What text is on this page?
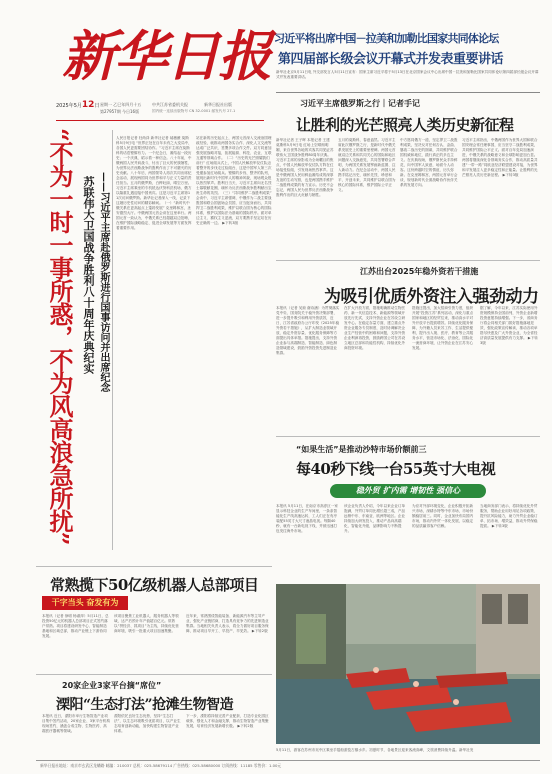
新华日报
2025年5月12日 星期一 乙巳年四月十五
第27957期 今日16版
中共江苏省委机关报	新华日报社出版
国内统一连续出版物号 CN 32-0001 邮发代号 27-1
习近平将出席中国－拉美和加勒比国家共同体论坛
第四届部长级会议开幕式并发表重要讲话
新华社北京5月11日电 外交部发言人5月11日宣布：国家主席习近平将于5月13日在北京国家会议中心出席中国－拉美和加勒比国家共同体论坛第四届部长级会议开幕式并发表重要讲话。
习近平主席俄罗斯之行｜记者手记
让胜利的光芒照亮人类历史新征程
新华社记者 王子晖 本报记者 王建 莫斯科5月9日电 红场上空晴朗明媚，来自世界各地的宾客共同见证苏联伟大卫国战争胜利80周年庆典。习近平主席的身影成为全场瞩目的焦点，中国人民解放军仪仗队方阵在红场接受检阅，引发现场热烈掌声。这是中俄两国人民用鲜血凝结成的深厚友谊的生动写照，也是两国携手维护二战胜利成果的有力宣示。历史不会忘记，两国人民为世界反法西斯战争胜利作出的巨大贡献与牺牲。
五月的莫斯科，春意盎然。习近平主席此次俄罗斯之行，是新时代中俄关系发展史上的重要里程碑。两国元首就双边关系和共同关心的国际和地区问题深入交换意见，共同签署联合声明，为两国关系发展擘画新蓝图、注入新动力。在纪念活动中，两国人民携手铭记历史，缅怀先烈，珍爱和平，开创未来，共同维护以联合国为核心的国际体系，维护国际公平正义。
中方愿同俄方一道，坚定捍卫二战胜利成果，坚决反对任何否认、歪曲、篡改二战历史的图谋，共同维护联合国权威和地位，践行真正的多边主义。在庆典现场，俄罗斯民众手持鲜花，向中国军人致意，场面令人动容。这份跨越时空的情谊，历久弥新。在克里姆林宫，两国元首举行会谈，规划新时代全面战略协作伙伴关系的发展方向。
习近平主席指出，中俄两国作为世界大国和联合国安理会常任理事国，应当坚守二战胜利成果，共同维护国际公平正义。面对百年变局加速演进，中俄关系的战略意义和全球影响更加凸显。两国将继续深化各领域务实合作，推动高质量共建“一带一路”同欧亚经济联盟建设对接，为世界和平发展注入更多稳定性和正能量。让胜利的光芒照亮人类历史新征程。 ▶下转3版
“不为一时一事所惑，不为风高浪急所扰” 苏联伟大卫国战争胜利八十周年庆典纪实 ——习近平主席赴俄罗斯进行国事访问并出席纪念
人民日报记者 杜尚泽 新华社记者 郝薇薇 莫斯科5月9日电 “世界正处在百年未有之大变局中，各国人民更需要团结协作。”习近平主席在莫斯科的话语铿锵有力。一个纪念日，凝结起一段历史；一个庆典，昭示着一种信念。八十年前，中俄两国人民并肩战斗，付出了巨大的民族牺牲，为世界反法西斯战争的胜利作出了不可磨灭的历史贡献。八十年后，两国领导人再次共同出席纪念活动，展现两国同为世界和平与正义力量的责任担当。五月的俄罗斯，白桦吐绿，晴空万里。习近平主席乘坐的专机抵达伏努科沃机场，俄方以隆重礼遇迎接中国贵宾。这是习近平主席第11次访问俄罗斯。新华社记者深入一线，记录下这趟历史性访问的精彩瞬间。（一）“新时代中俄关系在更高起点上蓬勃发展” 克里姆林宫，圣安德烈大厅。中俄两国元首会谈在这里举行。两国元首一致认为，中俄关系已经超越双边范畴，在维护国际战略稳定、促进全球发展等方面发挥着重要作用。
站在新的历史起点上，两国元首深入交流治国理政经验，就推动两国务实合作、深化人文交流等达成广泛共识，签署多项合作文件。双方同意加强发展战略对接，拓展能源、科技、农业、互联互通等领域合作。（二）“历史的光芒照耀我们前行” 红场阅兵式上，中国人民解放军仪仗队迈着整齐的步伐走过检阅台，这是中国军人第三次受邀参加红场阅兵。铿锵的步伐、整齐的队列，展现出新时代中国军人的精神风貌，现场观众报以热烈掌声。胜利日当天，习近平主席向无名烈士墓敬献花圈，缅怀为反法西斯战争胜利献出宝贵生命的英烈。（三）“共同维护二战胜利成果” 会谈中，习近平主席强调，中俄作为二战主要战胜国和联合国创始会员国，应当挺身而出，共同捍卫二战胜利成果，维护以联合国为核心的国际体系，维护以国际法为基础的国际秩序。面对单边主义、霸权主义逆流，双方要携手坚定站在历史正确的一边。 ▶下转3版
江苏出台2025年稳外资若干措施
为吸引优质外资注入强劲动力
本报讯（记者 吴琼 谢诗涵）为贯彻落实党中央、国务院关于稳外资决策部署，进一步提升吸引和利用外资质效，近日，江苏省政府办公厅印发《2025年稳外资若干措施》，从扩大制造业领域开放、稳定外资存量、优化服务保障等方面提出具体举措。措施提出，支持外资企业参与高端制造、智能制造、绿色制造领域建设，鼓励外资投资先进制造业集群。
在扩大开放方面，措施明确推动生物医药、新一代信息技术、新能源等领域开放先行先试，支持外资企业在苏设立研发中心。在稳定存量方面，建立重点外资企业服务专员制度，及时协调解决企业生产经营中的困难和问题，支持外资企业利润再投资，鼓励跨国公司在苏设立地区总部和功能性机构，持续优化外商投资环境。
措施还提出，加大招商引资力度，组织开展“投资江苏”系列活动，深化与重点国家和地区的经贸往来，推动高水平对外开放平台提质增效。持续优化服务保障，为外籍人员来苏工作、生活提供便利，提升出入境、医疗、教育等公共服务水平，营造市场化、法治化、国际化一流营商环境，让外资企业在江苏安心发展。
据了解，今年以来，江苏实际使用外资规模保持全国前列，外资企业新增投资意愿持续增强。下一步，省商务厅将会同相关部门抓好措施落地见效，强化政策宣传解读，推动各项举措尽快惠及广大外资企业，为全省经济高质量发展提供有力支撑。 ▶下转3版
“如果生活”是推动沙特市场价额前三
每40秒下线一台55英寸大电视
稳外贸 扩内需 增韧性 强信心
本报讯 5月11日，在南京市高淳区一家显示科技企业的生产车间里，一条条智能化生产线高速运转，工人们正在有序装配55英寸大尺寸液晶电视。每隔40秒，就有一台新电视下线，并被迅速打包发往海外市场。
该企业负责人介绍，今年以来企业订单饱满，外贸订单同比增长超三成，产品远销中东、东南亚、欧洲等地区。企业持续加大研发投入，推动产品向高端化、智能化升级，品牌影响力不断提升。
为应对外部环境变化，企业积极开拓新兴市场，深耕沙特等中东市场，市场份额稳居前三。同时，企业加快布局国内市场，推动内外贸一体化发展，以稳定的品质赢得客户信赖。
当地商务部门表示，将持续优化外贸服务，帮助企业用好用足各项政策，提升抗风险能力，助力外贸企业稳订单、拓市场、增效益，推动外贸保稳提质。 ▶下转3版
5月11日，游客在苏州市吴中区乘坐手摇船游览古镇水乡。初夏时节，各地景区迎来客流高峰，文旅消费持续升温。新华社发
常熟揽下50亿级机器人总部项目
干字当头 奋发有为
本报讯（记者 徐明 杨淑萍）5月11日，总投资50亿元的机器人总部项目正式签约落户常熟。项目将建设研发中心、智能制造基地和区域总部，推动产业链上下游协同发展。
该项目聚焦工业机器人、服务机器人等领域，达产后预计年产值超百亿元。常熟以“拼经济、抓项目”为主线，持续优化营商环境，吸引一批重大项目加速集聚。
近年来，常熟围绕智能装备、新能源汽车等主导产业，强化产业链招商，打造具有竞争力的先进制造业集群。当地相关负责人表示，将全力做好项目服务保障，推动项目早开工、早投产、早见效。 ▶下转2版
20家企业3家平台摘“席位”
溧阳“生态打法”抢滩生物智造
本报讯 近日，溧阳市举行生物智造产业项目集中签约活动，20家企业、3家平台机构现场签约，涵盖合成生物、生物医药、高端医疗器械等领域。
溧阳依托良好生态优势，坚持“生态打法”，以生态环境吸引优质项目，以产业生态培育创新动能，加快构建生物智造产业体系。
下一步，溧阳将持续完善产业配套，打造专业化园区载体，强化人才和金融支撑，推动生物智造产业集聚发展，培育经济发展新增长极。 ▶下转2版
新华日报社地址：南京市玄武区龙蟠路 邮编：210037 总机：025-58679114 广告热线：025-58680000 订阅热线：11185 零售价：1.00元
